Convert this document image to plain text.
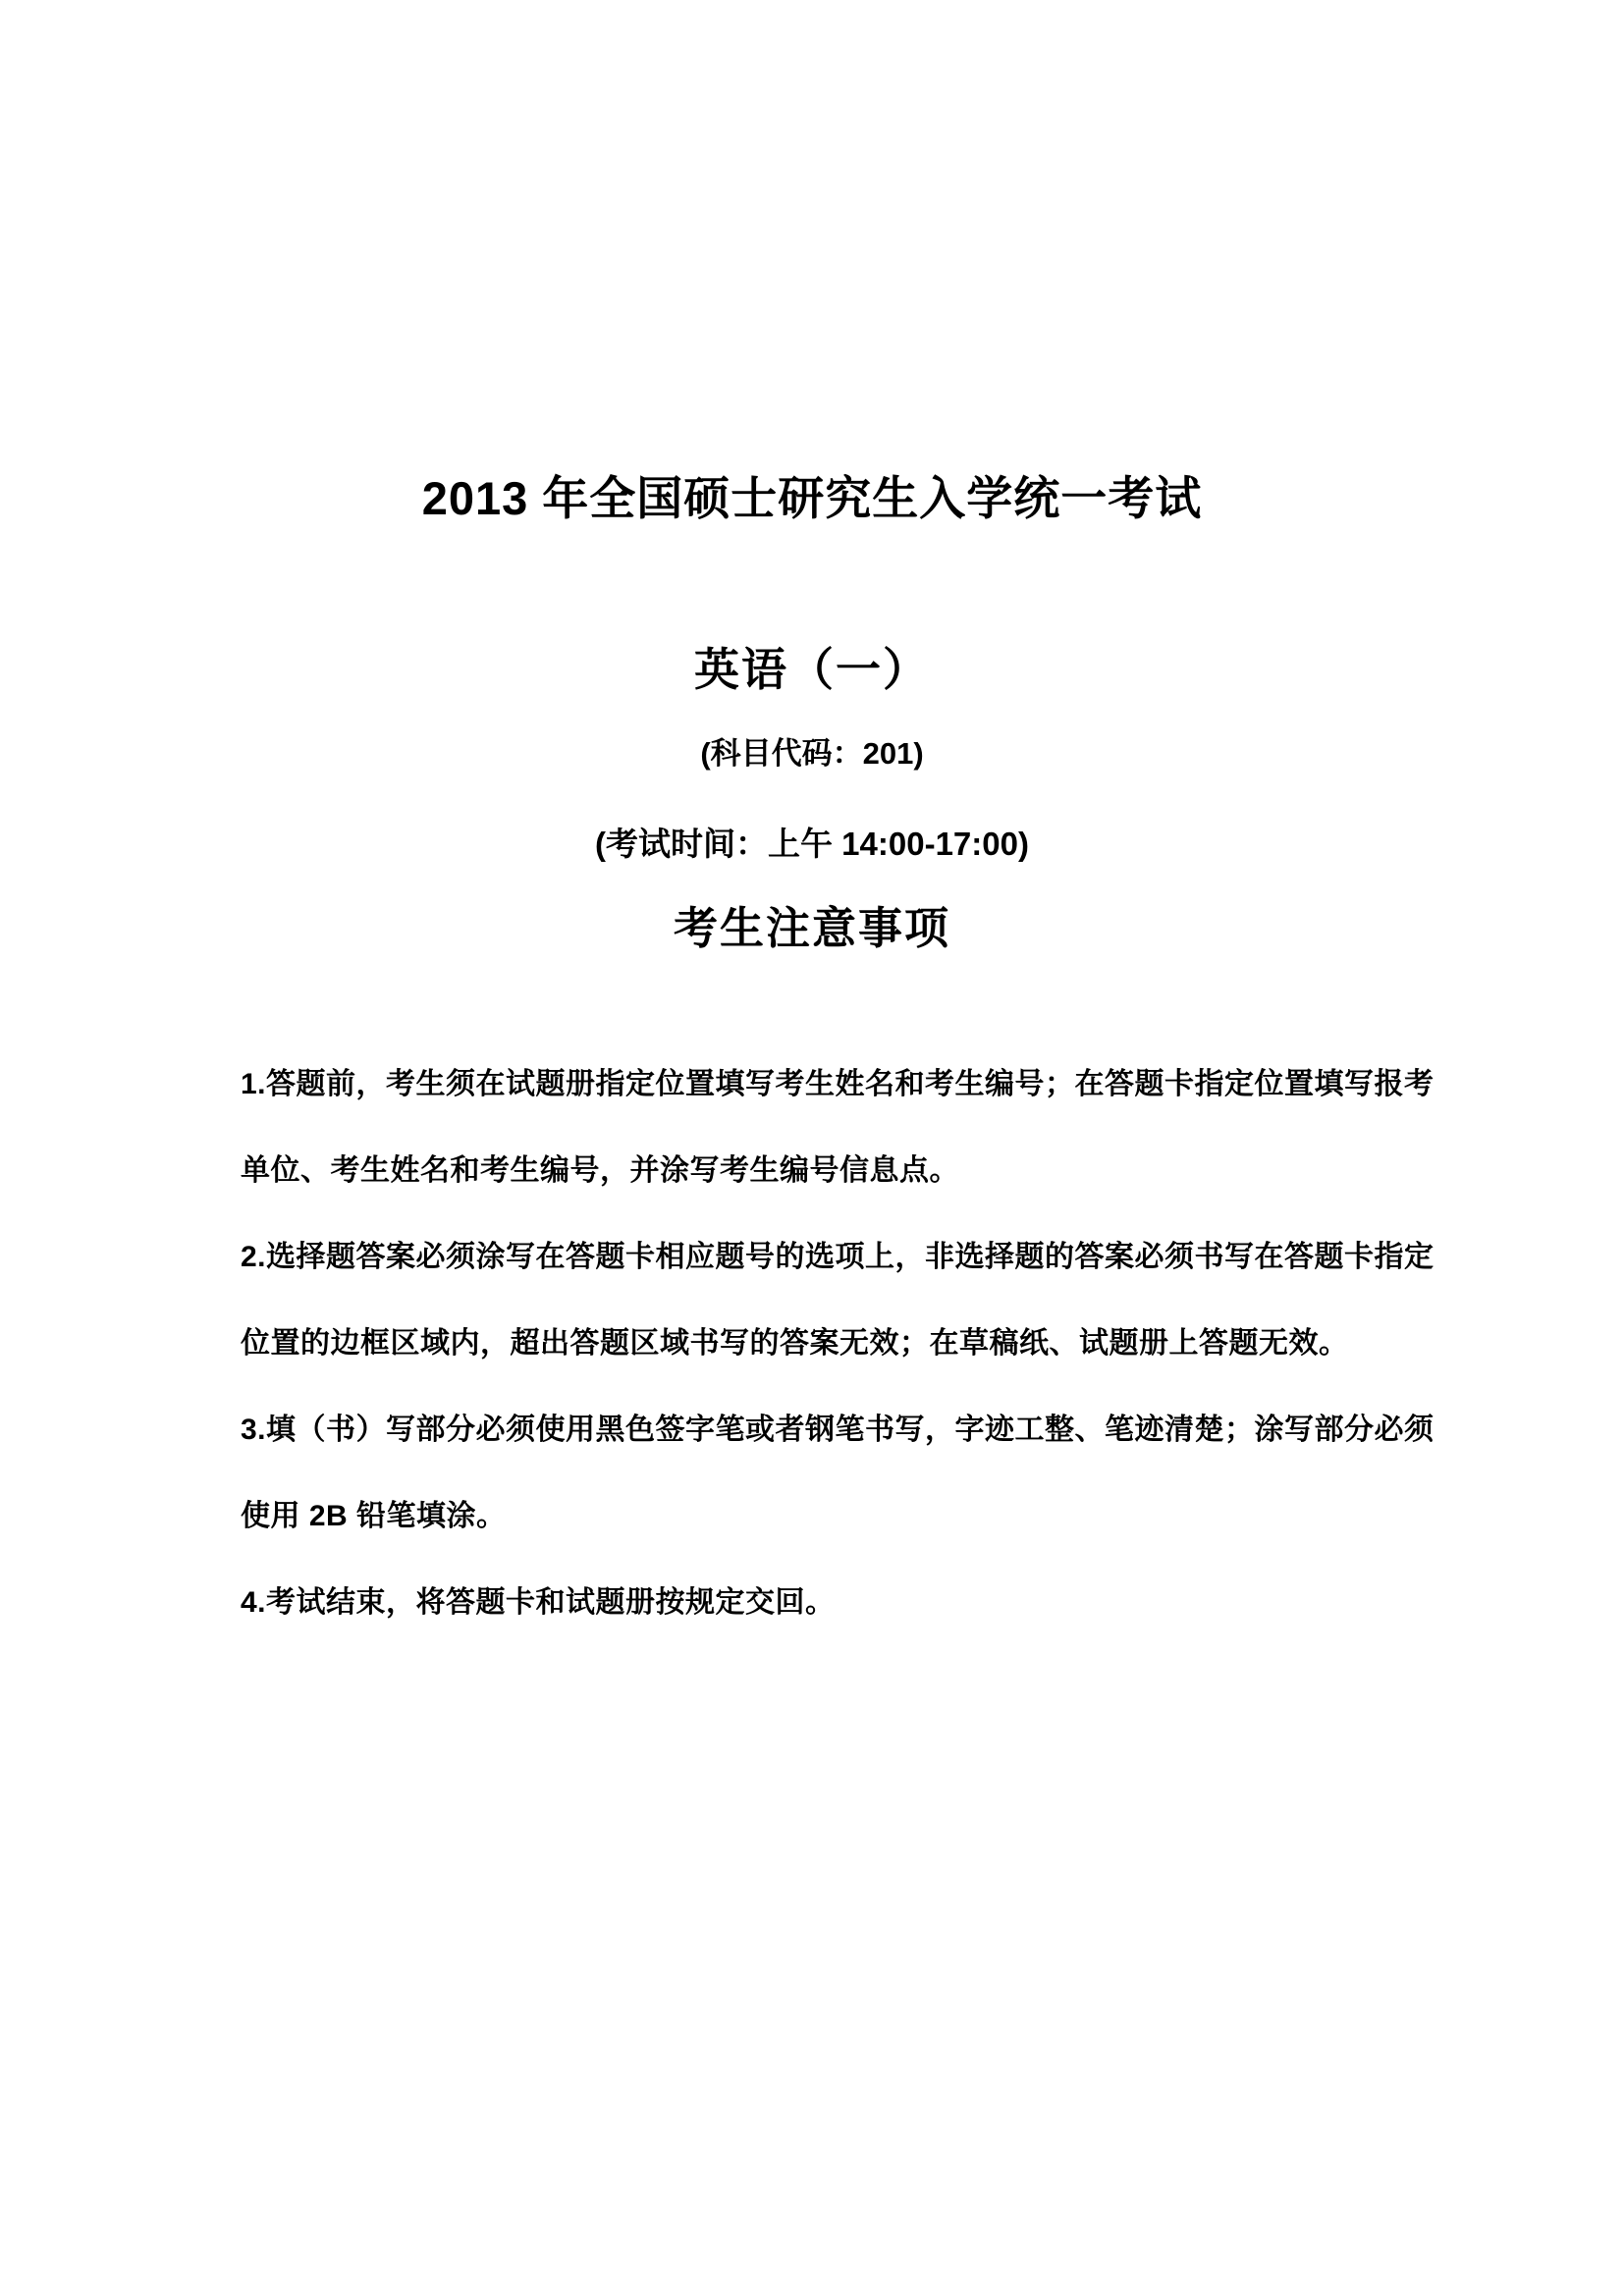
2013 年全国硕士研究生入学统一考试
英语（一）
(科目代码：201)
(考试时间：上午 14:00-17:00)
考生注意事项
1.答题前，考生须在试题册指定位置填写考生姓名和考生编号；在答题卡指定位置填写报考
单位、考生姓名和考生编号，并涂写考生编号信息点。
2.选择题答案必须涂写在答题卡相应题号的选项上，非选择题的答案必须书写在答题卡指定
位置的边框区域内，超出答题区域书写的答案无效；在草稿纸、试题册上答题无效。
3.填（书）写部分必须使用黑色签字笔或者钢笔书写，字迹工整、笔迹清楚；涂写部分必须
使用 2B 铅笔填涂。
4.考试结束，将答题卡和试题册按规定交回。
